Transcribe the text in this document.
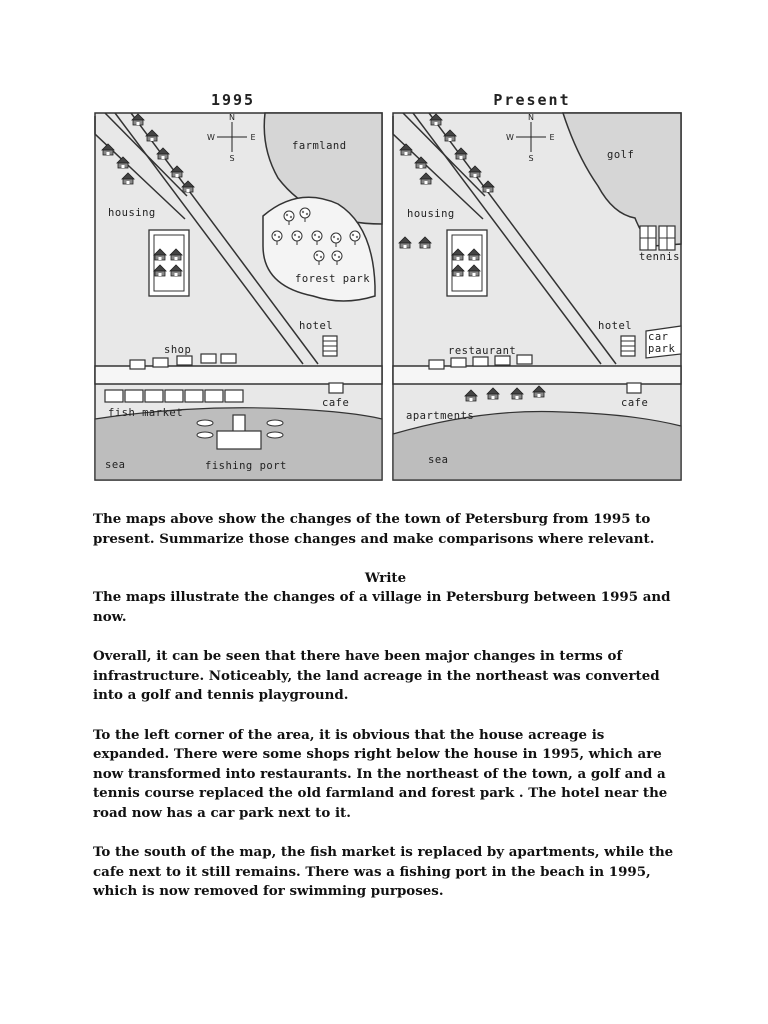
1995
N
S
W	E
farmland
housing
forest park
hotel
shop
fish market
cafe
sea	fishing port
Present
N
S
W	E
golf
housing
tennis
hotel
car park
restaurant
apartments
cafe
sea

The maps above show the changes of the town of Petersburg from 1995 to present. Summarize those changes and make comparisons where relevant.

Write

The maps illustrate the changes of a village in Petersburg between 1995 and now.

Overall, it can be seen that there have been major changes in terms of infrastructure. Noticeably, the land acreage in the northeast was converted into a golf and tennis playground.

To the left corner of the area, it is obvious that the house acreage is expanded. There were some shops right below the house in 1995, which are now transformed into restaurants. In the northeast of the town, a golf and a tennis course replaced the old farmland and forest park . The hotel near the road now has a car park next to it.

To the south of the map, the fish market is replaced by apartments, while the cafe next to it still remains. There was a fishing port in the beach in 1995, which is now removed for swimming purposes.
